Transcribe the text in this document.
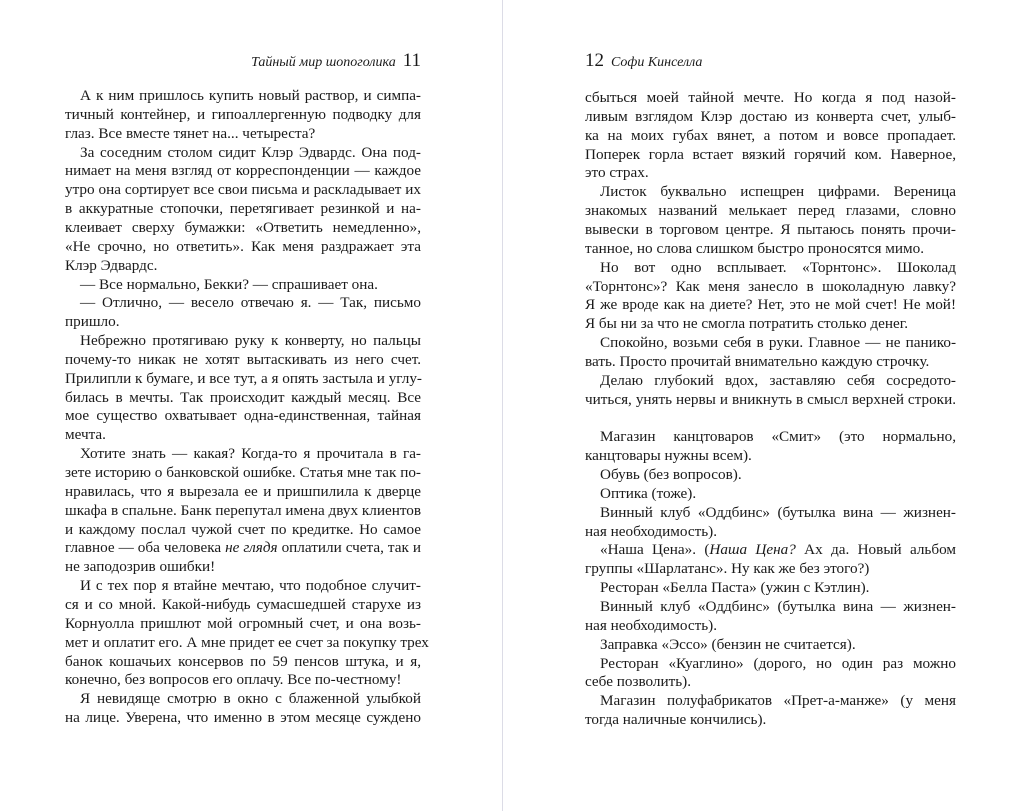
Тайный мир шопоголика 11
А к ним пришлось купить новый раствор, и симпа-
тичный контейнер, и гипоаллергенную подводку для
глаз. Все вместе тянет на... четыреста?
За соседним столом сидит Клэр Эдвардс. Она под-
нимает на меня взгляд от корреспонденции — каждое
утро она сортирует все свои письма и раскладывает их
в аккуратные стопочки, перетягивает резинкой и на-
клеивает сверху бумажки: «Ответить немедленно»,
«Не срочно, но ответить». Как меня раздражает эта
Клэр Эдвардс.
— Все нормально, Бекки? — спрашивает она.
— Отлично, — весело отвечаю я. — Так, письмо
пришло.
Небрежно протягиваю руку к конверту, но пальцы
почему-то никак не хотят вытаскивать из него счет.
Прилипли к бумаге, и все тут, а я опять застыла и углу-
билась в мечты. Так происходит каждый месяц. Все
мое существо охватывает одна-единственная, тайная
мечта.
Хотите знать — какая? Когда-то я прочитала в га-
зете историю о банковской ошибке. Статья мне так по-
нравилась, что я вырезала ее и пришпилила к дверце
шкафа в спальне. Банк перепутал имена двух клиентов
и каждому послал чужой счет по кредитке. Но самое
главное — оба человека не глядя оплатили счета, так и
не заподозрив ошибки!
И с тех пор я втайне мечтаю, что подобное случит-
ся и со мной. Какой-нибудь сумасшедшей старухе из
Корнуолла пришлют мой огромный счет, и она возь-
мет и оплатит его. А мне придет ее счет за покупку трех
банок кошачьих консервов по 59 пенсов штука, и я,
конечно, без вопросов его оплачу. Все по-честному!
Я невидяще смотрю в окно с блаженной улыбкой
на лице. Уверена, что именно в этом месяце суждено
12 Софи Кинселла
сбыться моей тайной мечте. Но когда я под назой-
ливым взглядом Клэр достаю из конверта счет, улыб-
ка на моих губах вянет, а потом и вовсе пропадает.
Поперек горла встает вязкий горячий ком. Наверное,
это страх.
Листок буквально испещрен цифрами. Вереница
знакомых названий мелькает перед глазами, словно
вывески в торговом центре. Я пытаюсь понять прочи-
танное, но слова слишком быстро проносятся мимо.
Но вот одно всплывает. «Торнтонс». Шоколад
«Торнтонс»? Как меня занесло в шоколадную лавку?
Я же вроде как на диете? Нет, это не мой счет! Не мой!
Я бы ни за что не смогла потратить столько денег.
Спокойно, возьми себя в руки. Главное — не панико-
вать. Просто прочитай внимательно каждую строчку.
Делаю глубокий вдох, заставляю себя сосредото-
читься, унять нервы и вникнуть в смысл верхней строки.
Магазин канцтоваров «Смит» (это нормально,
канцтовары нужны всем).
Обувь (без вопросов).
Оптика (тоже).
Винный клуб «Оддбинс» (бутылка вина — жизнен-
ная необходимость).
«Наша Цена». (Наша Цена? Ах да. Новый альбом
группы «Шарлатанс». Ну как же без этого?)
Ресторан «Белла Паста» (ужин с Кэтлин).
Винный клуб «Оддбинс» (бутылка вина — жизнен-
ная необходимость).
Заправка «Эссо» (бензин не считается).
Ресторан «Куаглино» (дорого, но один раз можно
себе позволить).
Магазин полуфабрикатов «Прет-а-манже» (у меня
тогда наличные кончились).
